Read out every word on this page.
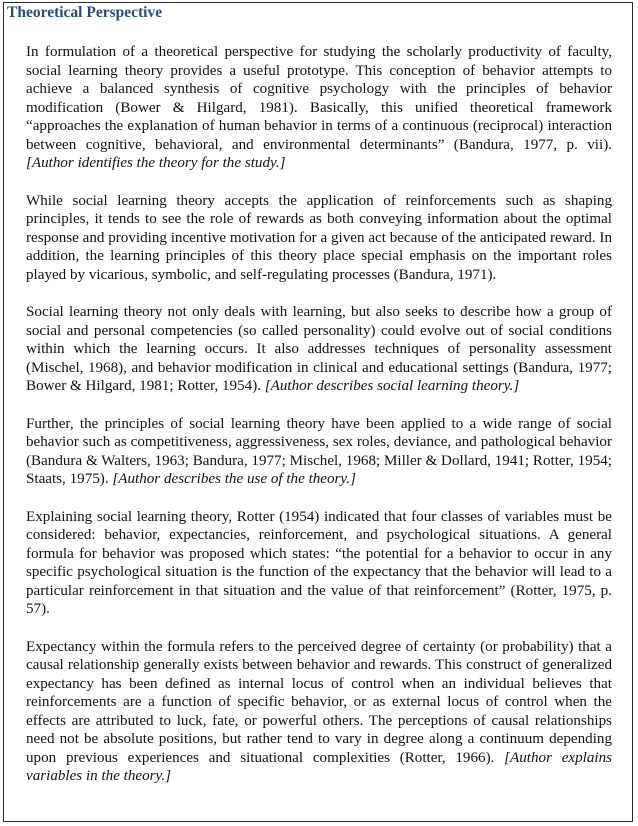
Theoretical Perspective

In formulation of a theoretical perspective for studying the scholarly productivity of faculty, social learning theory provides a useful prototype. This conception of behavior attempts to achieve a balanced synthesis of cognitive psychology with the principles of behavior modification (Bower & Hilgard, 1981). Basically, this unified theoretical framework “approaches the explanation of human behavior in terms of a continuous (reciprocal) interaction between cognitive, behavioral, and environmental determinants” (Bandura, 1977, p. vii). [Author identifies the theory for the study.]

While social learning theory accepts the application of reinforcements such as shaping principles, it tends to see the role of rewards as both conveying information about the optimal response and providing incentive motivation for a given act because of the anticipated reward. In addition, the learning principles of this theory place special emphasis on the important roles played by vicarious, symbolic, and self-regulating processes (Bandura, 1971).

Social learning theory not only deals with learning, but also seeks to describe how a group of social and personal competencies (so called personality) could evolve out of social conditions within which the learning occurs. It also addresses techniques of personality assessment (Mischel, 1968), and behavior modification in clinical and educational settings (Bandura, 1977; Bower & Hilgard, 1981; Rotter, 1954). [Author describes social learning theory.]

Further, the principles of social learning theory have been applied to a wide range of social behavior such as competitiveness, aggressiveness, sex roles, deviance, and pathological behavior (Bandura & Walters, 1963; Bandura, 1977; Mischel, 1968; Miller & Dollard, 1941; Rotter, 1954; Staats, 1975). [Author describes the use of the theory.]

Explaining social learning theory, Rotter (1954) indicated that four classes of variables must be considered: behavior, expectancies, reinforcement, and psychological situations. A general formula for behavior was proposed which states: “the potential for a behavior to occur in any specific psychological situation is the function of the expectancy that the behavior will lead to a particular reinforcement in that situation and the value of that reinforcement” (Rotter, 1975, p. 57).

Expectancy within the formula refers to the perceived degree of certainty (or probability) that a causal relationship generally exists between behavior and rewards. This construct of generalized expectancy has been defined as internal locus of control when an individual believes that reinforcements are a function of specific behavior, or as external locus of control when the effects are attributed to luck, fate, or powerful others. The perceptions of causal relationships need not be absolute positions, but rather tend to vary in degree along a continuum depending upon previous experiences and situational complexities (Rotter, 1966). [Author explains variables in the theory.]
